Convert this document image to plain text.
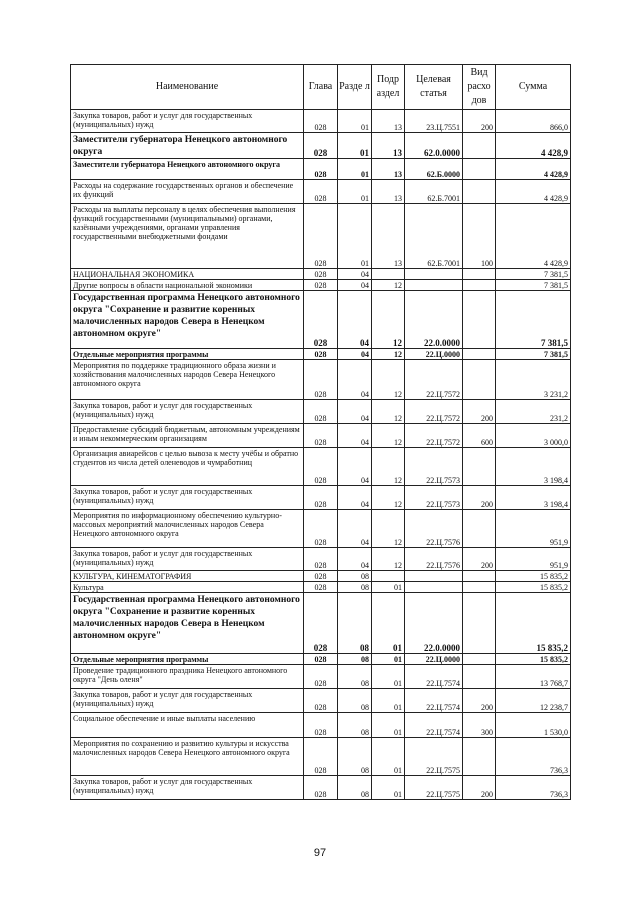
Наименование	Глава	Разде л	Подр аздел	Целевая статья	Вид расхо дов	Сумма
Закупка товаров, работ и услуг для государственных (муниципальных) нужд	028	01	13	23.Ц.7551	200	866,0
Заместители губернатора Ненецкого автономного округа	028	01	13	62.0.0000		4 428,9
Заместители губернатора Ненецкого автономного округа	028	01	13	62.Б.0000		4 428,9
Расходы на содержание государственных органов и обеспечение их функций	028	01	13	62.Б.7001		4 428,9
Расходы на выплаты персоналу в целях обеспечения выполнения функций государственными (муниципальными) органами, казёнными учреждениями, органами управления государственными внебюджетными фондами	028	01	13	62.Б.7001	100	4 428,9
НАЦИОНАЛЬНАЯ ЭКОНОМИКА	028	04				7 381,5
Другие вопросы в области национальной экономики	028	04	12			7 381,5
Государственная программа Ненецкого автономного округа "Сохранение и развитие коренных малочисленных народов Севера в Ненецком автономном округе"	028	04	12	22.0.0000		7 381,5
Отдельные мероприятия программы	028	04	12	22.Ц.0000		7 381,5
Мероприятия по поддержке традиционного образа жизни и хозяйствования малочисленных народов Севера Ненецкого автономного округа	028	04	12	22.Ц.7572		3 231,2
Закупка товаров, работ и услуг для государственных (муниципальных) нужд	028	04	12	22.Ц.7572	200	231,2
Предоставление субсидий бюджетным, автономным учреждениям и иным некоммерческим организациям	028	04	12	22.Ц.7572	600	3 000,0
Организация авиарейсов с целью вывоза к месту учёбы и обратно студентов из числа детей оленеводов и чумработниц	028	04	12	22.Ц.7573		3 198,4
Закупка товаров, работ и услуг для государственных (муниципальных) нужд	028	04	12	22.Ц.7573	200	3 198,4
Мероприятия по информационному обеспечению культурно-массовых мероприятий малочисленных народов Севера Ненецкого автономного округа	028	04	12	22.Ц.7576		951,9
Закупка товаров, работ и услуг для государственных (муниципальных) нужд	028	04	12	22.Ц.7576	200	951,9
КУЛЬТУРА, КИНЕМАТОГРАФИЯ	028	08				15 835,2
Культура	028	08	01			15 835,2
Государственная программа Ненецкого автономного округа "Сохранение и развитие коренных малочисленных народов Севера в Ненецком автономном округе"	028	08	01	22.0.0000		15 835,2
Отдельные мероприятия программы	028	08	01	22.Ц.0000		15 835,2
Проведение традиционного праздника Ненецкого автономного округа "День оленя"	028	08	01	22.Ц.7574		13 768,7
Закупка товаров, работ и услуг для государственных (муниципальных) нужд	028	08	01	22.Ц.7574	200	12 238,7
Социальное обеспечение и иные выплаты населению	028	08	01	22.Ц.7574	300	1 530,0
Мероприятия по сохранению и развитию культуры и искусства малочисленных народов Севера Ненецкого автономного округа	028	08	01	22.Ц.7575		736,3
Закупка товаров, работ и услуг для государственных (муниципальных) нужд	028	08	01	22.Ц.7575	200	736,3
97
